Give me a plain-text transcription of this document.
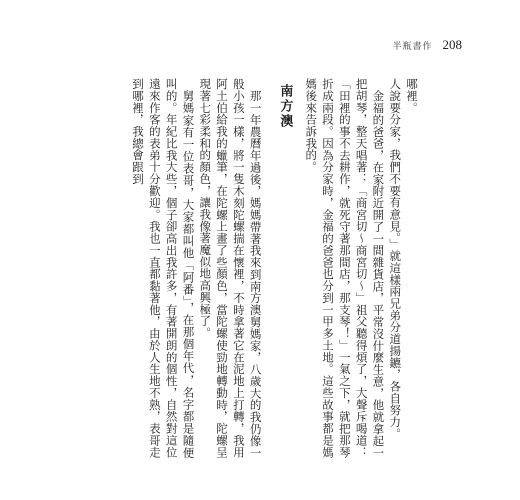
半瓶書作 208

哪裡。

人說要分家，我們不要有意見。」就這樣兩兄弟分道揚鑣，各自努力。

金福的爸爸，在家附近開了一間雜貨店，平常沒什麼生意，他就拿起一把胡琴，整天唱著：「商宮切～商宮切～」祖父聽得煩了，大聲斥喝道：「田裡的事不去耕作，就死守著那間店，那支琴！」一氣之下，就把那琴折成兩段。因為分家時，金福的爸爸也分到一甲多土地。這些故事都是媽媽後來告訴我的。

南方澳

那一年農曆年過後，媽媽帶著我來到南方澳舅媽家，八歲大的我仍像一般小孩一樣，將一隻木刻陀螺揣在懷裡，不時拿著它在泥地上打轉，我用阿土伯給我的蠟筆，在陀螺上畫了些顏色，當陀螺使勁地轉動時，陀螺呈現著七彩柔和的顏色，讓我像著魔似地高興極了。

舅媽家有一位表哥，大家都叫他「阿番」，在那個年代，名字都是隨便叫的。年紀比我大些，個子卻高出我許多，有著開朗的個性，自然對這位遠來作客的表弟十分歡迎。我也一直都黏著他，由於人生地不熟，表哥走到哪裡，我總會跟到
